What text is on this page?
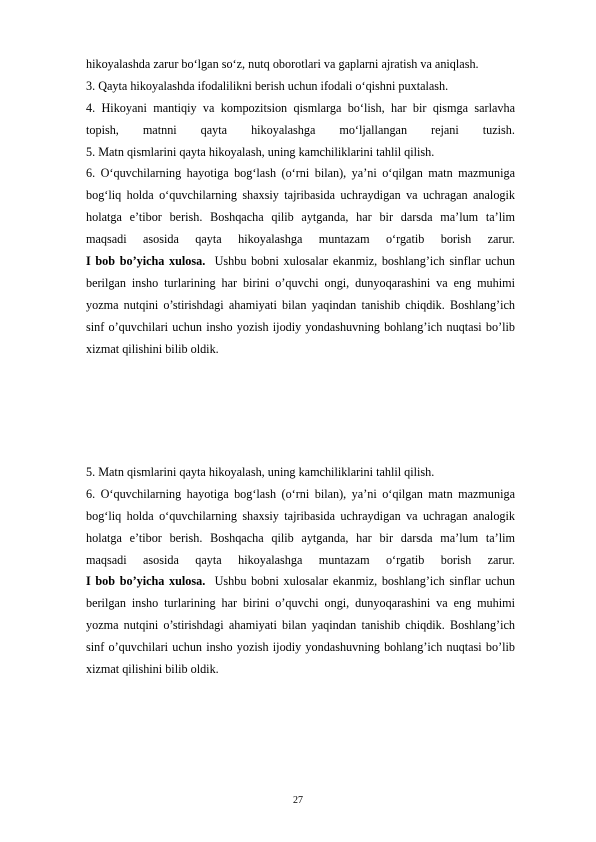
hikoyalashda zarur bo‘lgan so‘z, nutq oborotlari va gaplarni ajratish va aniqlash.
3. Qayta hikoyalashda ifodalilikni berish uchun ifodali o‘qishni puxtalash.
4. Hikoyani mantiqiy va kompozitsion qismlarga bo‘lish, har bir qismga sarlavha
topish, matnni qayta hikoyalashga mo‘ljallangan rejani tuzish.
5. Matn qismlarini qayta hikoyalash, uning kamchiliklarini tahlil qilish.
6. O‘quvchilarning hayotiga bog‘lash (o‘rni bilan), ya’ni o‘qilgan matn mazmuniga
bog‘liq holda o‘quvchilarning shaxsiy tajribasida uchraydigan va uchragan analogik
holatga e’tibor berish. Boshqacha qilib aytganda, har bir darsda ma’lum ta’lim
maqsadi asosida qayta hikoyalashga muntazam o‘rgatib borish zarur.
I bob bo’yicha xulosa. Ushbu bobni xulosalar ekanmiz, boshlang’ich sinflar uchun
berilgan insho turlarining har birini o’quvchi ongi, dunyoqarashini va eng muhimi
yozma nutqini o’stirishdagi ahamiyati bilan yaqindan tanishib chiqdik. Boshlang’ich
sinf o’quvchilari uchun insho yozish ijodiy yondashuvning bohlang’ich nuqtasi bo’lib
xizmat qilishini bilib oldik.
5. Matn qismlarini qayta hikoyalash, uning kamchiliklarini tahlil qilish.
6. O‘quvchilarning hayotiga bog‘lash (o‘rni bilan), ya’ni o‘qilgan matn mazmuniga
bog‘liq holda o‘quvchilarning shaxsiy tajribasida uchraydigan va uchragan analogik
holatga e’tibor berish. Boshqacha qilib aytganda, har bir darsda ma’lum ta’lim
maqsadi asosida qayta hikoyalashga muntazam o‘rgatib borish zarur.
I bob bo’yicha xulosa. Ushbu bobni xulosalar ekanmiz, boshlang’ich sinflar uchun
berilgan insho turlarining har birini o’quvchi ongi, dunyoqarashini va eng muhimi
yozma nutqini o’stirishdagi ahamiyati bilan yaqindan tanishib chiqdik. Boshlang’ich
sinf o’quvchilari uchun insho yozish ijodiy yondashuvning bohlang’ich nuqtasi bo’lib
xizmat qilishini bilib oldik.
27
